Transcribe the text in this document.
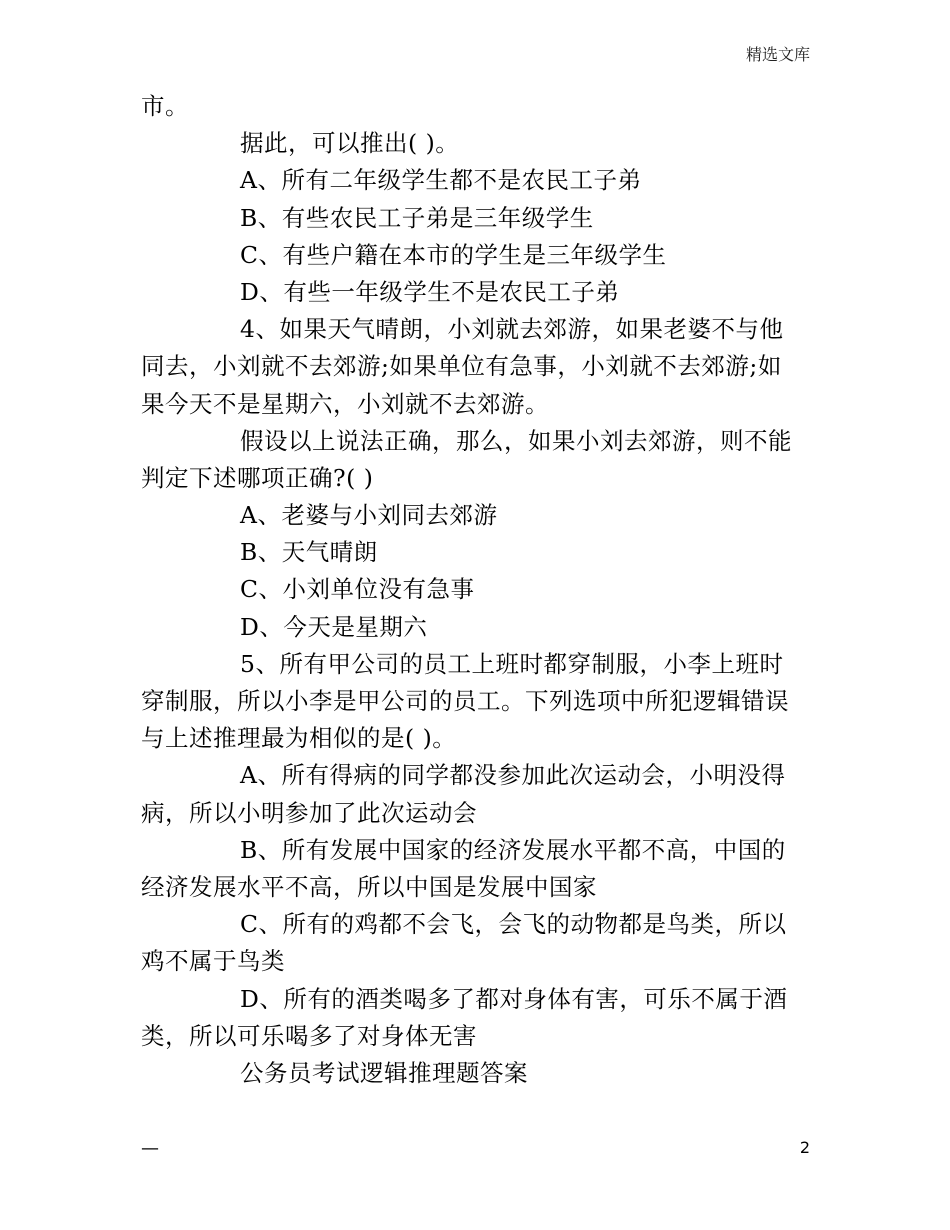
精选文库
市。
据此，可以推出( )。
A、所有二年级学生都不是农民工子弟
B、有些农民工子弟是三年级学生
C、有些户籍在本市的学生是三年级学生
D、有些一年级学生不是农民工子弟
4、如果天气晴朗，小刘就去郊游，如果老婆不与他
同去，小刘就不去郊游;如果单位有急事，小刘就不去郊游;如
果今天不是星期六，小刘就不去郊游。
假设以上说法正确，那么，如果小刘去郊游，则不能
判定下述哪项正确?( )
A、老婆与小刘同去郊游
B、天气晴朗
C、小刘单位没有急事
D、今天是星期六
5、所有甲公司的员工上班时都穿制服，小李上班时
穿制服，所以小李是甲公司的员工。下列选项中所犯逻辑错误
与上述推理最为相似的是( )。
A、所有得病的同学都没参加此次运动会，小明没得
病，所以小明参加了此次运动会
B、所有发展中国家的经济发展水平都不高，中国的
经济发展水平不高，所以中国是发展中国家
C、所有的鸡都不会飞，会飞的动物都是鸟类，所以
鸡不属于鸟类
D、所有的酒类喝多了都对身体有害，可乐不属于酒
类，所以可乐喝多了对身体无害
公务员考试逻辑推理题答案
—	2
